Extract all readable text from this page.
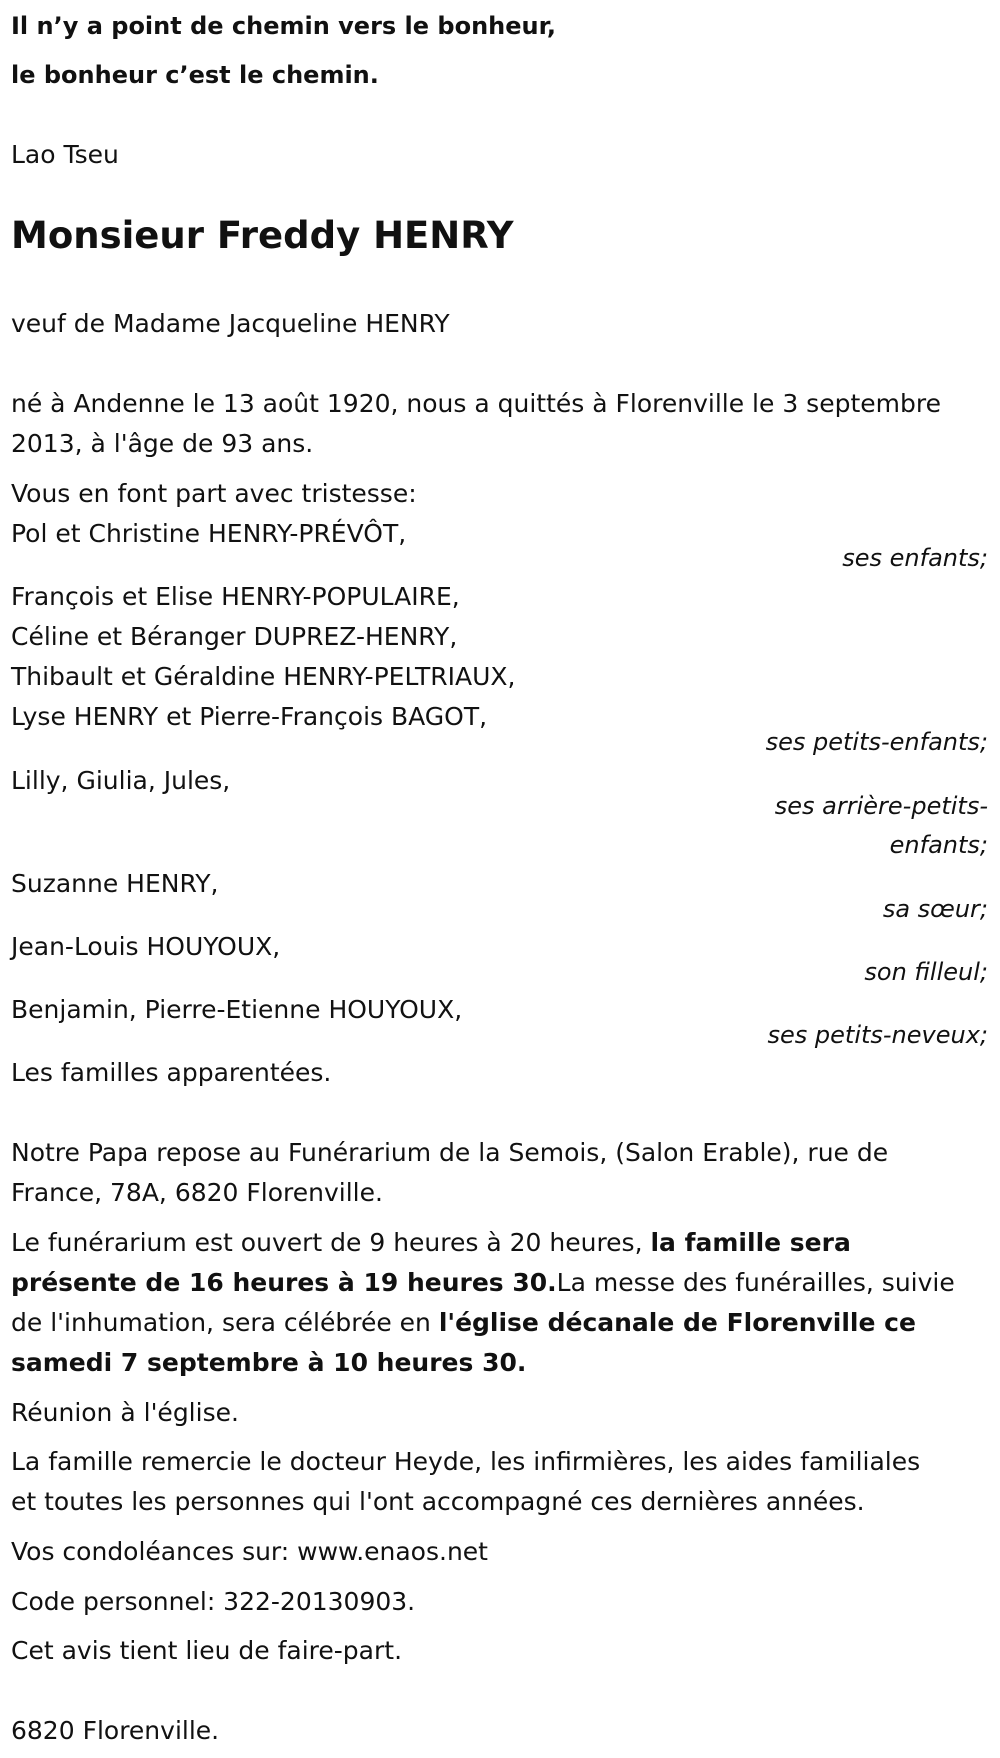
Il n’y a point de chemin vers le bonheur,
le bonheur c’est le chemin.
Lao Tseu
Monsieur Freddy HENRY
veuf de Madame Jacqueline HENRY
né à Andenne le 13 août 1920, nous a quittés à Florenville le 3 septembre
2013, à l'âge de 93 ans.
Vous en font part avec tristesse:
Pol et Christine HENRY-PRÉVÔT,
ses enfants;
François et Elise HENRY-POPULAIRE,
Céline et Béranger DUPREZ-HENRY,
Thibault et Géraldine HENRY-PELTRIAUX,
Lyse HENRY et Pierre-François BAGOT,
ses petits-enfants;
Lilly, Giulia, Jules,
ses arrière-petits-
enfants;
Suzanne HENRY,
sa sœur;
Jean-Louis HOUYOUX,
son filleul;
Benjamin, Pierre-Etienne HOUYOUX,
ses petits-neveux;
Les familles apparentées.
Notre Papa repose au Funérarium de la Semois, (Salon Erable), rue de
France, 78A, 6820 Florenville.
Le funérarium est ouvert de 9 heures à 20 heures, la famille sera
présente de 16 heures à 19 heures 30.La messe des funérailles, suivie
de l'inhumation, sera célébrée en l'église décanale de Florenville ce
samedi 7 septembre à 10 heures 30.
Réunion à l'église.
La famille remercie le docteur Heyde, les infirmières, les aides familiales
et toutes les personnes qui l'ont accompagné ces dernières années.
Vos condoléances sur: www.enaos.net
Code personnel: 322-20130903.
Cet avis tient lieu de faire-part.
6820 Florenville.
